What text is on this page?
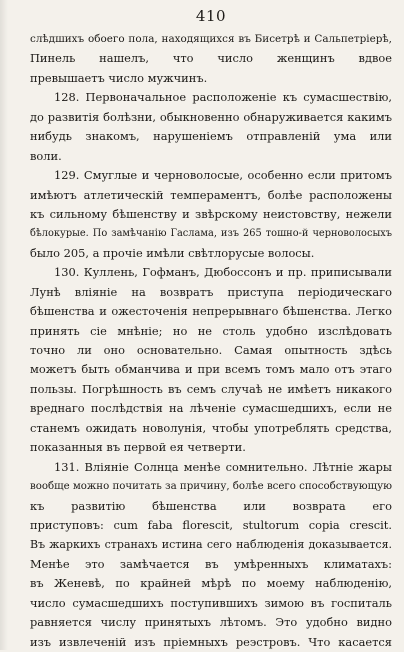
410
слѣдшихъ обоего пола, находящихся въ Бисетрѣ и Сальпетріерѣ,
Пинель нашелъ, что число женщинъ вдвое
превышаетъ число мужчинъ.
128. Первоначальное расположеніе къ сумасшествію,
до развитія болѣзни, обыкновенно обнаруживается какимъ
нибудь знакомъ, нарушеніемъ отправленій ума или
воли.
129. Смуглые и черноволосые, особенно если притомъ
имѣютъ атлетическій темпераментъ, болѣе расположены
къ сильному бѣшенству и звѣрскому неистовству, нежели
бѣлокурые. По замѣчанію Гаслама, изъ 265 тошно-й черноволосыхъ
было 205, а прочіе имѣли свѣтлорусые волосы.
130. Куллень, Гофманъ, Дюбоссонъ и пр. приписывали
Лунѣ вліяніе на возвратъ приступа періодическаго
бѣшенства и ожесточенія непрерывнаго бѣшенства. Легко
принять сіе мнѣніе; но не столь удобно изслѣдовать
точно ли оно основательно. Самая опытность здѣсь
можетъ быть обманчива и при всемъ томъ мало отъ этаго
пользы. Погрѣшность въ семъ случаѣ не имѣетъ никакого
вреднаго послѣдствія на лѣченіе сумасшедшихъ, если не
станемъ ожидать новолунія, чтобы употреблять средства,
показанныя въ первой ея четверти.
131. Вліяніе Солнца менѣе сомнительно. Лѣтніе жары
вообще можно почитать за причину, болѣе всего способствующую
къ развитію бѣшенства или возврата его
приступовъ: cum faba florescit, stultorum copia crescit.
Въ жаркихъ странахъ истина сего наблюденія доказывается.
Менѣе это замѣчается въ умѣренныхъ климатахъ:
въ Женевѣ, по крайней мѣрѣ по моему наблюденію,
число сумасшедшихъ поступившихъ зимою въ госпиталь
равняется числу принятыхъ лѣтомъ. Это удобно видно
изъ извлеченій изъ пріемныхъ реэстровъ. Что касается
